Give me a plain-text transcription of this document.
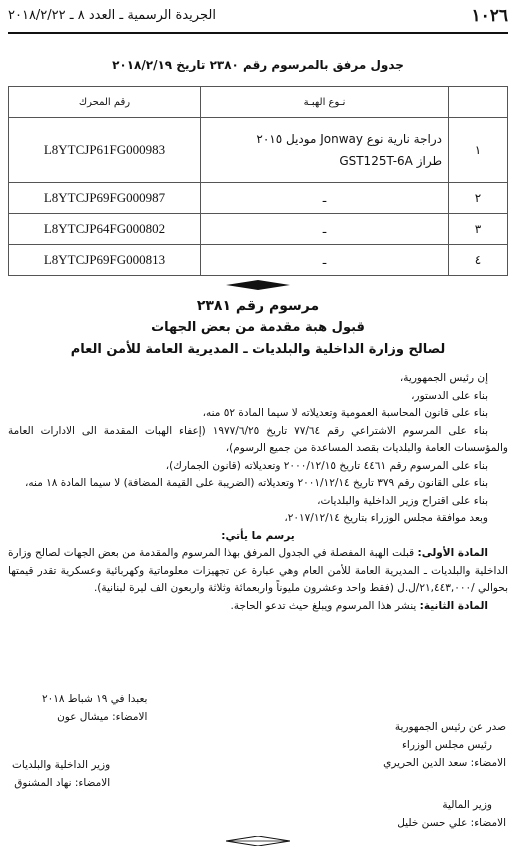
١٠٢٦
الجريدة الرسمية ـ العدد ٨ ـ ٢٠١٨/٢/٢٢
جدول مرفق بالمرسوم رقم ٢٣٨٠ تاريخ ٢٠١٨/٢/١٩
	نـوع الهبـة	رقم المحرك
١	دراجة نارية نوع Jonway موديل ٢٠١٥
طراز GST125T-6A	L8YTCJP61FG000983
٢	ـ	L8YTCJP69FG000987
٣	ـ	L8YTCJP64FG000802
٤	ـ	L8YTCJP69FG000813
مرسوم رقم ٢٣٨١
قبول هبة مقدمة من بعض الجهات
لصالح وزارة الداخلية والبلديات ـ المديرية العامة للأمن العام

إن رئيس الجمهورية،

بناء على الدستور،

بناء على قانون المحاسبة العمومية وتعديلاته لا سيما المادة ٥٢ منه،

بناء على المرسوم الاشتراعي رقم ٧٧/٦٤ تاريخ ١٩٧٧/٦/٢٥ (إعفاء الهبات المقدمة الى الادارات العامة والمؤسسات العامة والبلديات بقصد المساعدة من جميع الرسوم)،

بناء على المرسوم رقم ٤٤٦١ تاريخ ٢٠٠٠/١٢/١٥ وتعديلاته (قانون الجمارك)،

بناء على القانون رقم ٣٧٩ تاريخ ٢٠٠١/١٢/١٤ وتعديلاته (الضريبة على القيمة المضافة) لا سيما المادة ١٨ منه،

بناء على اقتراح وزير الداخلية والبلديات،

وبعد موافقة مجلس الوزراء بتاريخ ٢٠١٧/١٢/١٤،

يرسم ما يأتي:

المادة الأولى: قبلت الهبة المفصلة في الجدول المرفق بهذا المرسوم والمقدمة من بعض الجهات لصالح وزارة الداخلية والبلديات ـ المديرية العامة للأمن العام وهي عبارة عن تجهيزات معلوماتية وكهربائية وعسكرية تقدر قيمتها بحوالي /٢١,٤٤٣,٠٠٠/ل.ل (فقط واحد وعشرون مليوناً واربعمائة وثلاثة واربعون الف ليرة لبنانية).

المادة الثانية: ينشر هذا المرسوم ويبلغ حيث تدعو الحاجة.

بعبدا في ١٩ شباط ٢٠١٨
الامضاء: ميشال عون
صدر عن رئيس الجمهورية
رئيس مجلس الوزراء
الامضاء: سعد الدين الحريري
وزير الداخلية والبلديات
الامضاء: نهاد المشنوق
وزير المالية
الامضاء: علي حسن خليل
